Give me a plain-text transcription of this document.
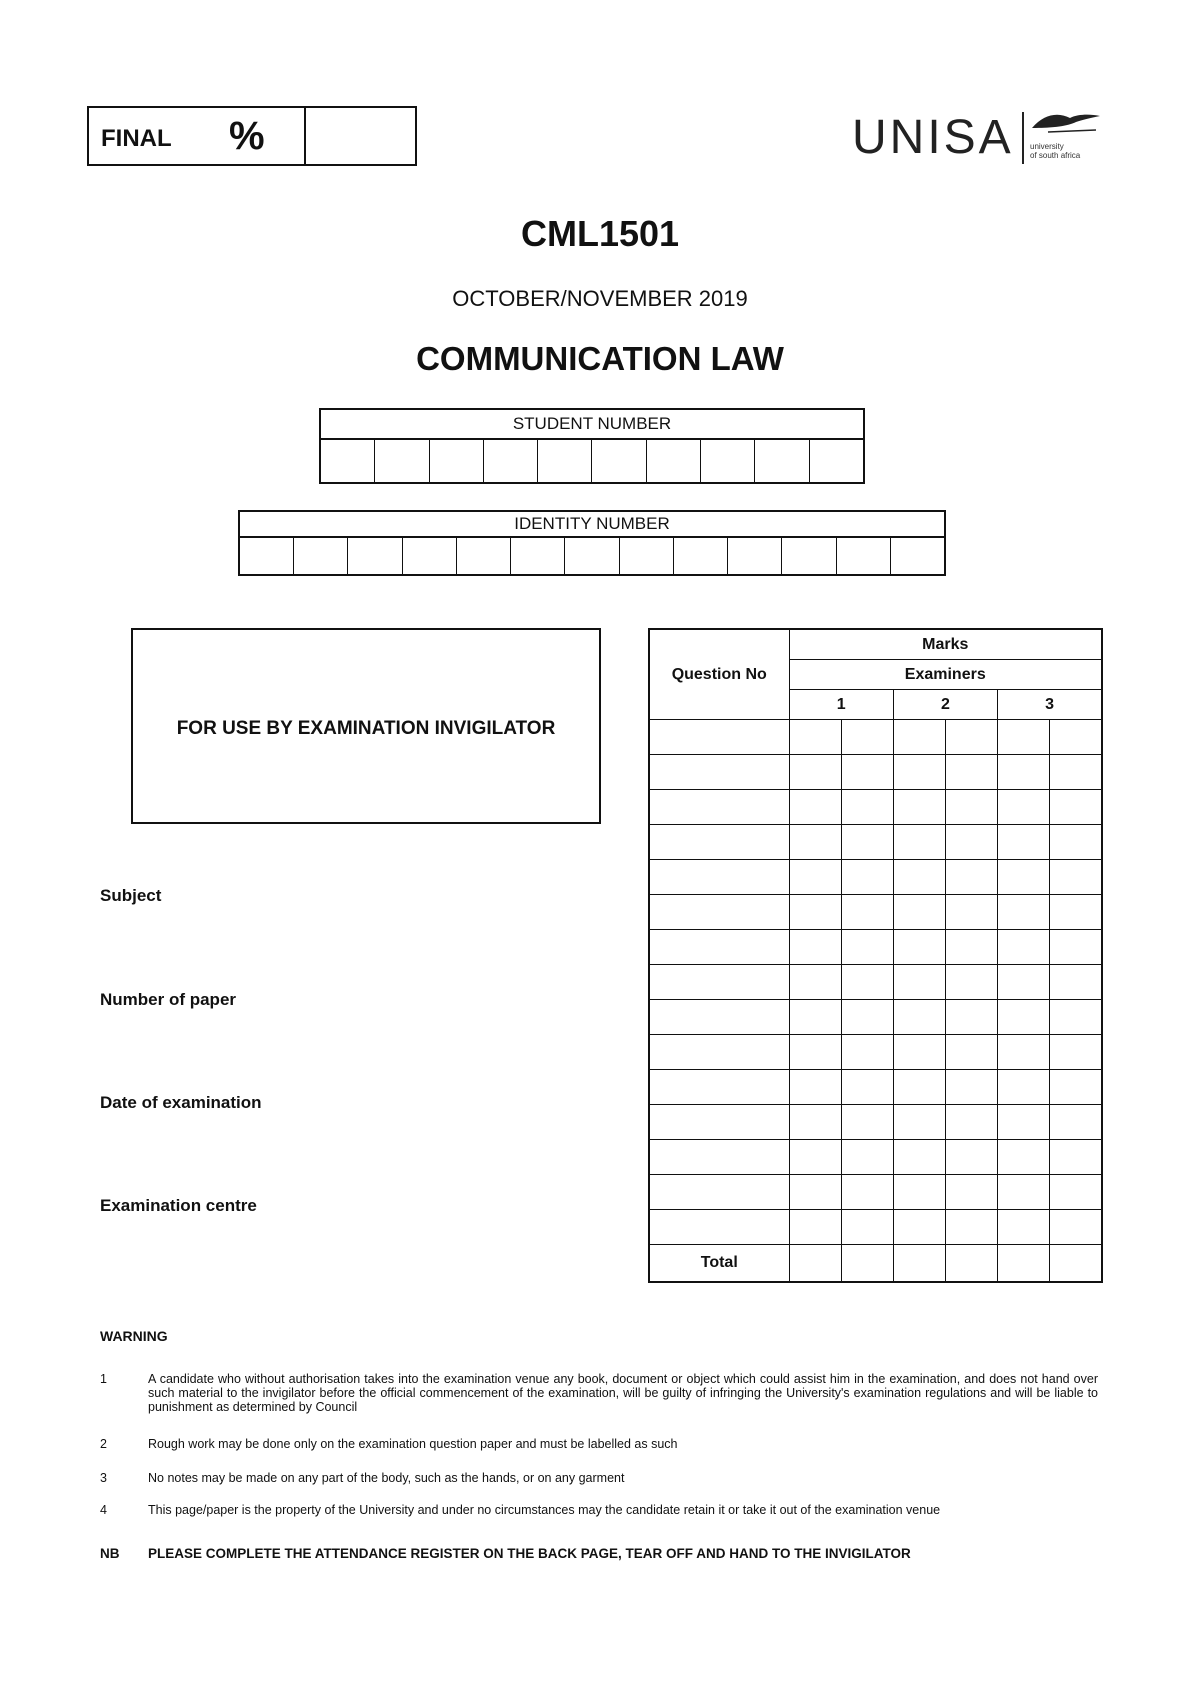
FINAL %	UNISA university
of south africa
CML1501
OCTOBER/NOVEMBER 2019
COMMUNICATION LAW
STUDENT NUMBER
IDENTITY NUMBER
FOR USE BY EXAMINATION INVIGILATOR
Subject
Number of paper
Date of examination
Examination centre
Question No	Marks					
	Examiners					
	1		2		3	

Total						
WARNING
1	A candidate who without authorisation takes into the examination venue any book, document or object which could assist him in the examination, and does not hand over such material to the invigilator before the official commencement of the examination, will be guilty of infringing the University's examination regulations and will be liable to punishment as determined by Council
2	Rough work may be done only on the examination question paper and must be labelled as such
3	No notes may be made on any part of the body, such as the hands, or on any garment
4	This page/paper is the property of the University and under no circumstances may the candidate retain it or take it out of the examination venue
NB PLEASE COMPLETE THE ATTENDANCE REGISTER ON THE BACK PAGE, TEAR OFF AND HAND TO THE INVIGILATOR
